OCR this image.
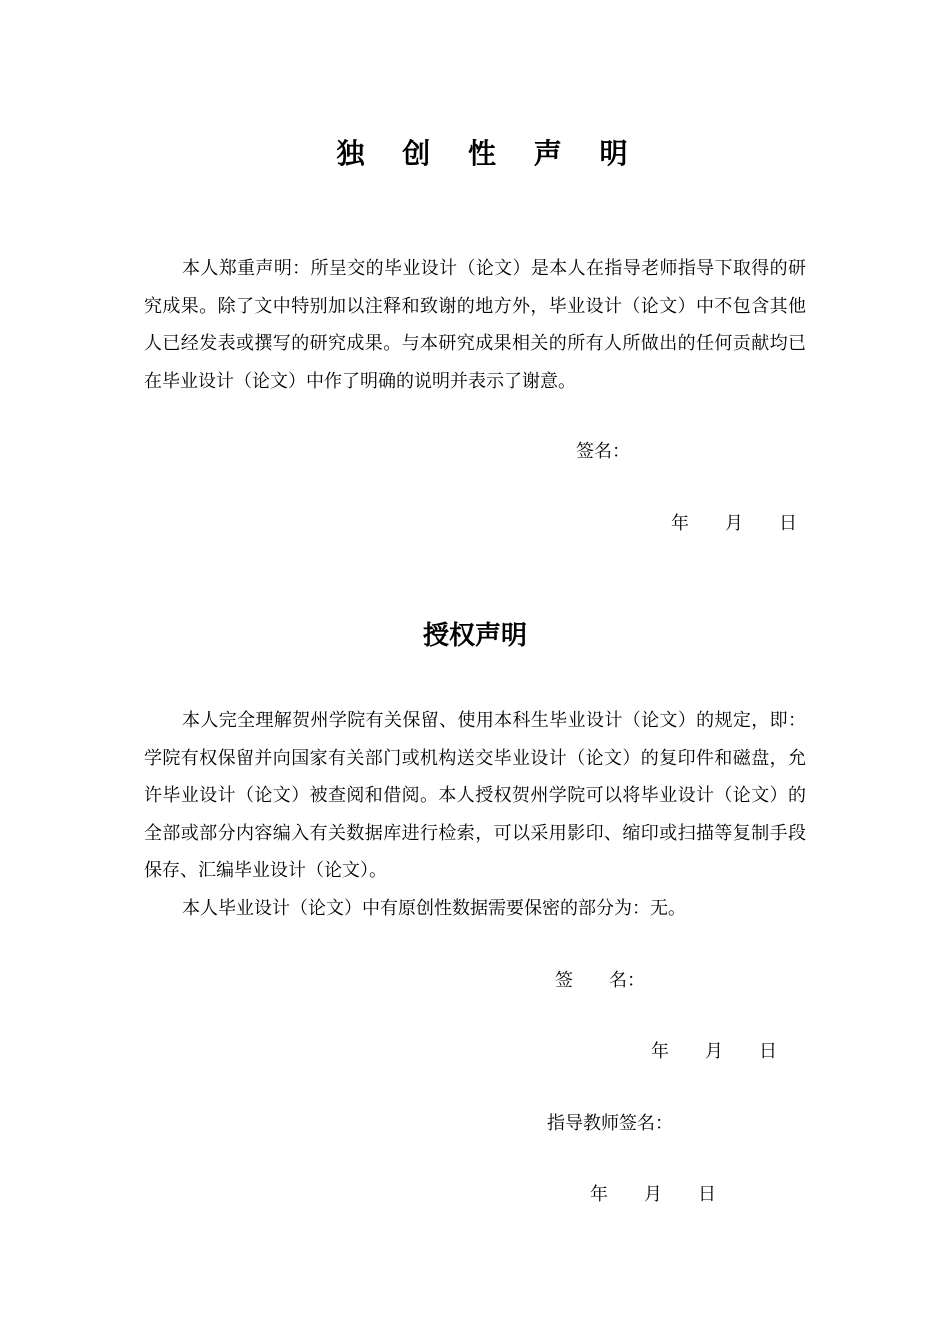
独 创 性 声 明
本人郑重声明：所呈交的毕业设计（论文）是本人在指导老师指导下取得的研究成果。除了文中特别加以注释和致谢的地方外，毕业设计（论文）中不包含其他人已经发表或撰写的研究成果。与本研究成果相关的所有人所做出的任何贡献均已在毕业设计（论文）中作了明确的说明并表示了谢意。
签名：
年　　月　　日
授权声明
本人完全理解贺州学院有关保留、使用本科生毕业设计（论文）的规定，即：学院有权保留并向国家有关部门或机构送交毕业设计（论文）的复印件和磁盘，允许毕业设计（论文）被查阅和借阅。本人授权贺州学院可以将毕业设计（论文）的全部或部分内容编入有关数据库进行检索，可以采用影印、缩印或扫描等复制手段保存、汇编毕业设计（论文）。
本人毕业设计（论文）中有原创性数据需要保密的部分为：无。
签　　名：
年　　月　　日
指导教师签名：
年　　月　　日
